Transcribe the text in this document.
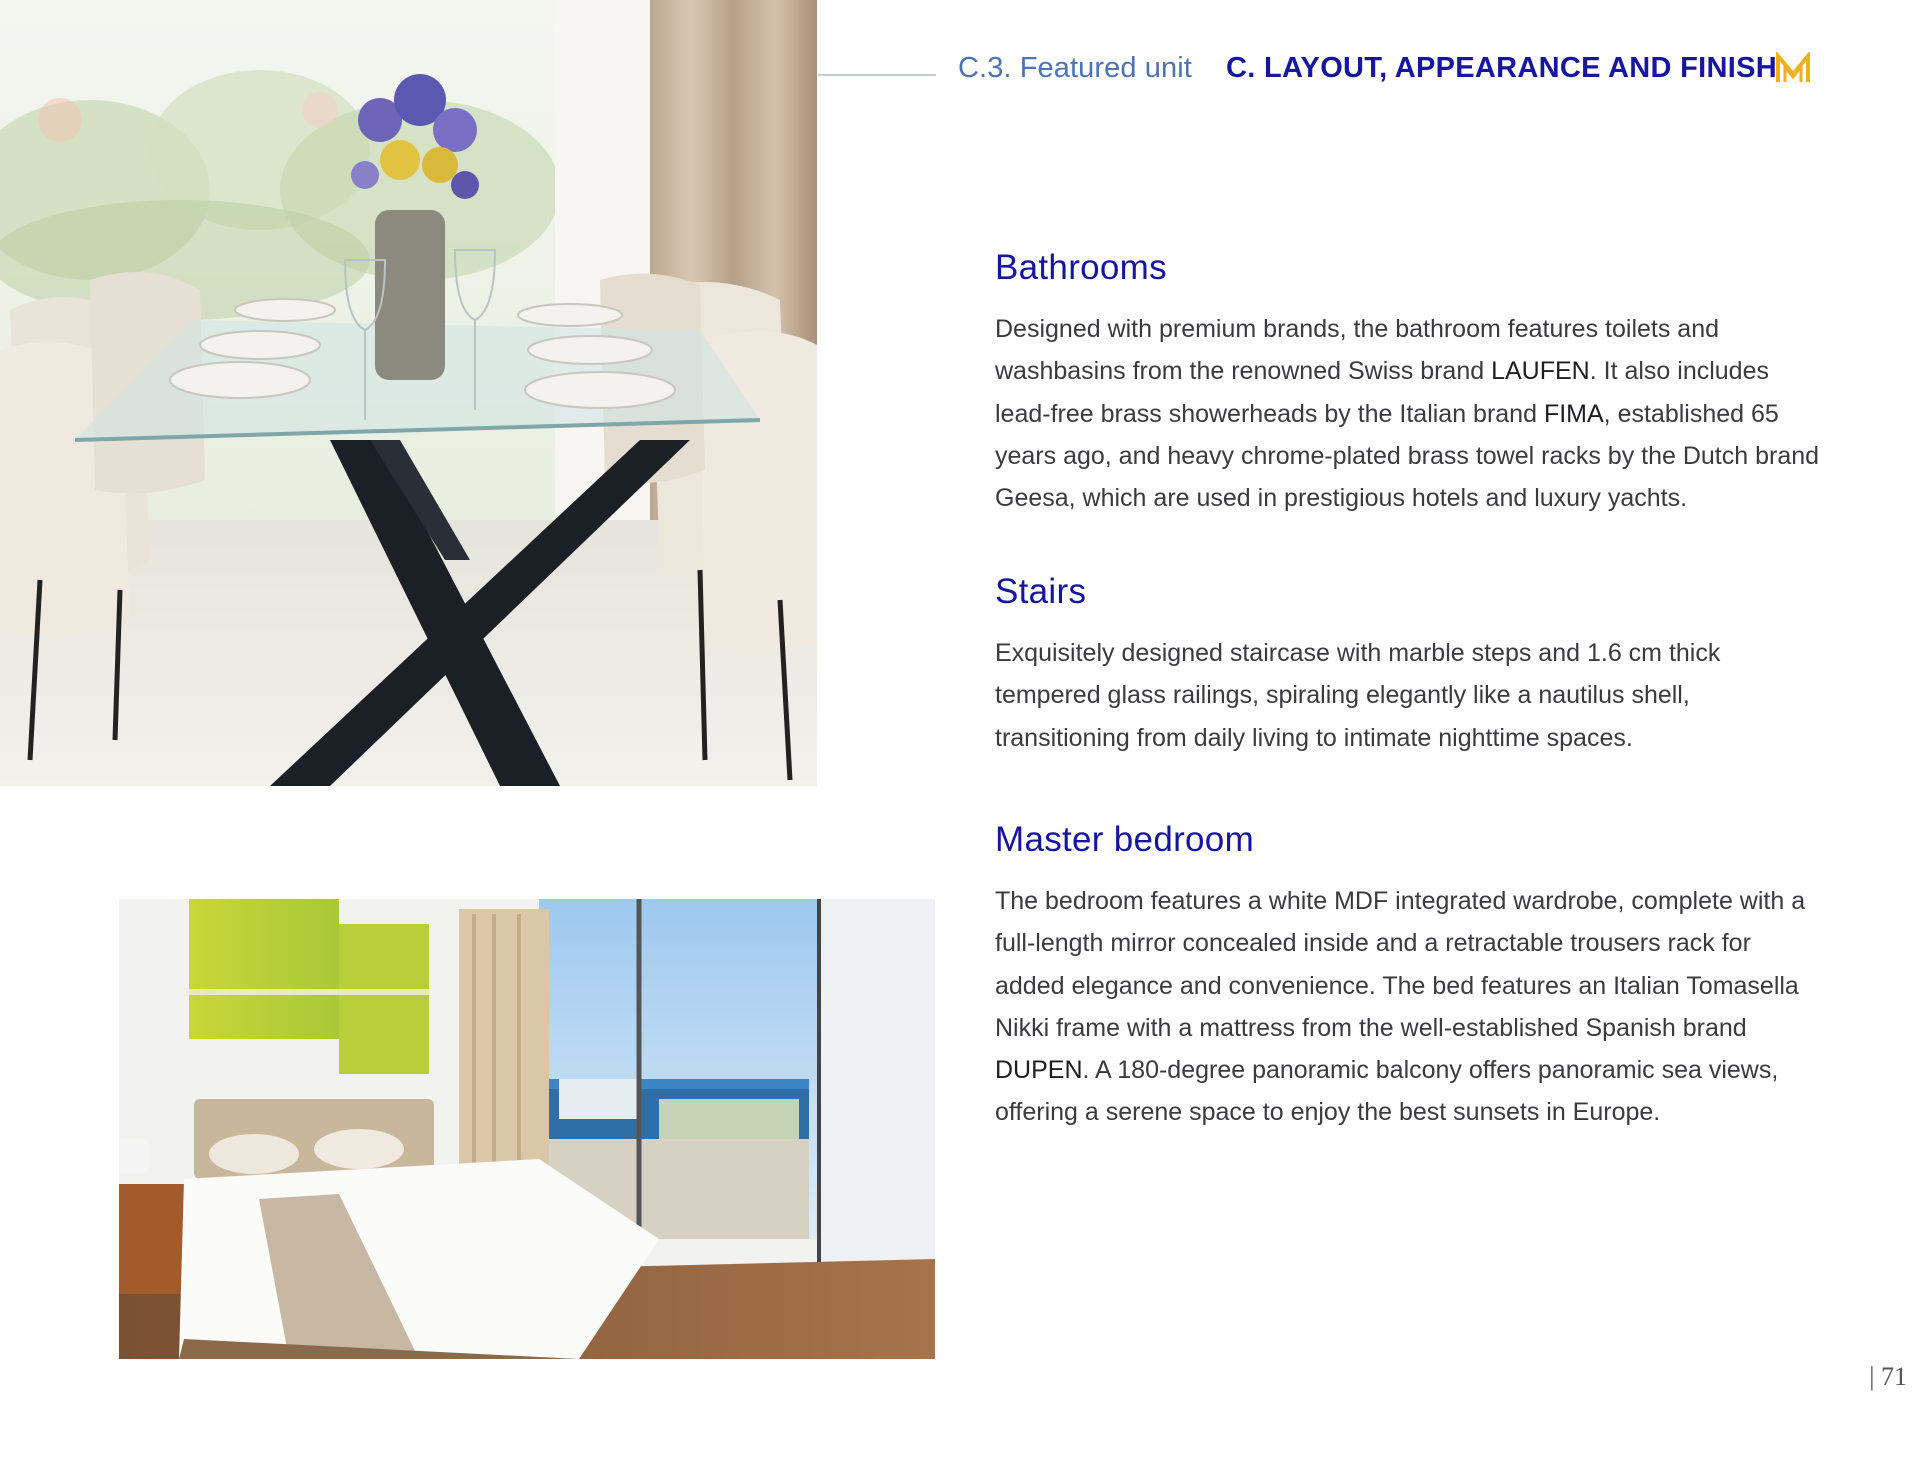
C.3. Featured unit C. LAYOUT, APPEARANCE AND FINISH
Bathrooms

Designed with premium brands, the bathroom features toilets and washbasins from the renowned Swiss brand LAUFEN. It also includes lead-free brass showerheads by the Italian brand FIMA, established 65 years ago, and heavy chrome-plated brass towel racks by the Dutch brand Geesa, which are used in prestigious hotels and luxury yachts.

Stairs

Exquisitely designed staircase with marble steps and 1.6 cm thick tempered glass railings, spiraling elegantly like a nautilus shell, transitioning from daily living to intimate nighttime spaces.

Master bedroom

The bedroom features a white MDF integrated wardrobe, complete with a full-length mirror concealed inside and a retractable trousers rack for added elegance and convenience. The bed features an Italian Tomasella Nikki frame with a mattress from the well-established Spanish brand DUPEN. A 180-degree panoramic balcony offers panoramic sea views, offering a serene space to enjoy the best sunsets in Europe.

| 71
